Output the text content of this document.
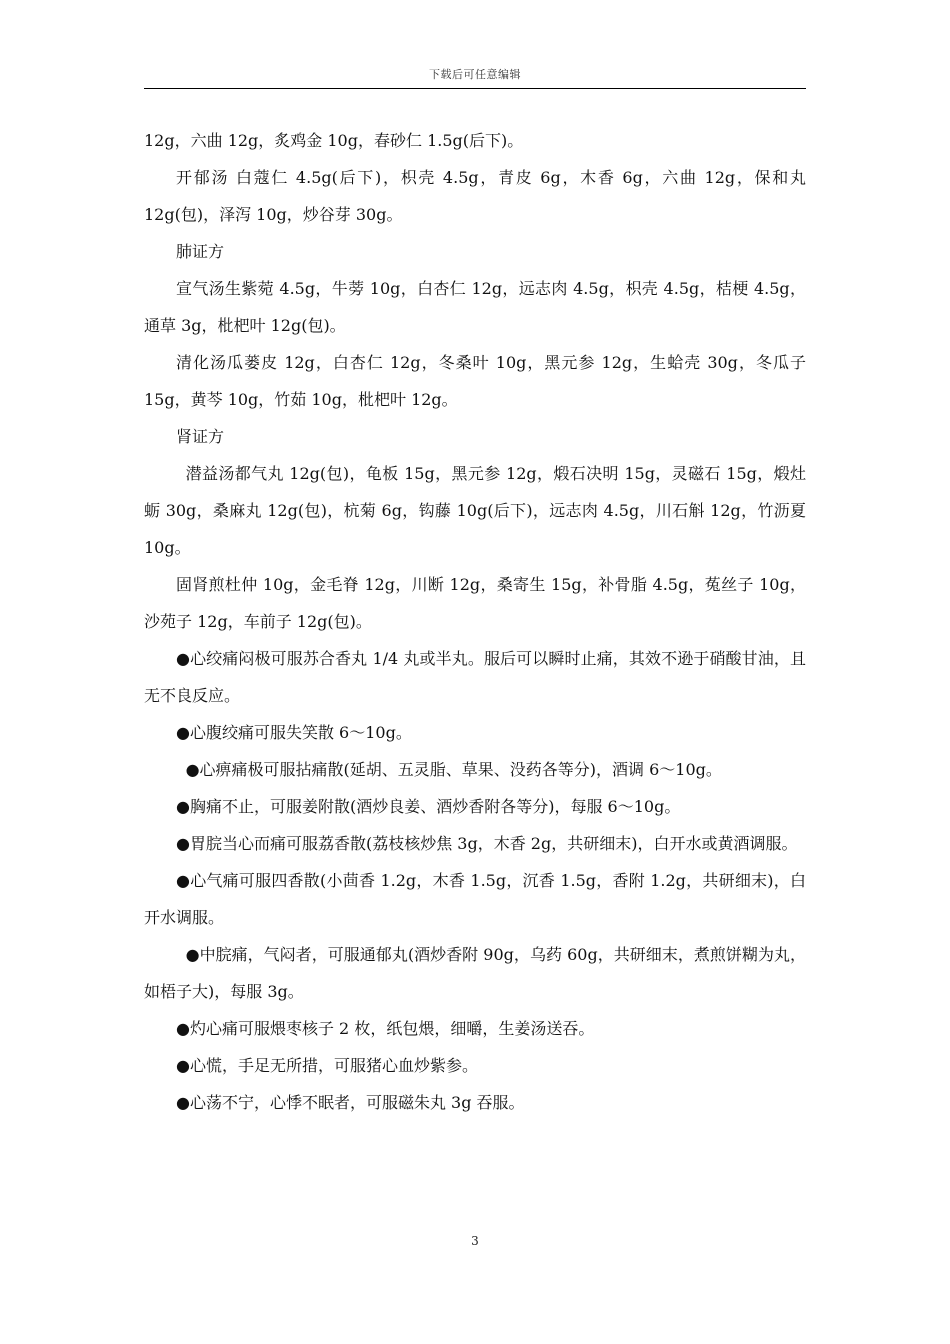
下载后可任意编辑

12g，六曲 12g，炙鸡金 10g，春砂仁 1.5g(后下)。

开郁汤 白蔻仁 4.5g(后下)，枳壳 4.5g，青皮 6g，木香 6g，六曲 12g，保和丸 12g(包)，泽泻 10g，炒谷芽 30g。

肺证方

宣气汤生紫菀 4.5g，牛蒡 10g，白杏仁 12g，远志肉 4.5g，枳壳 4.5g，桔梗 4.5g，通草 3g，枇杷叶 12g(包)。

清化汤瓜蒌皮 12g，白杏仁 12g，冬桑叶 10g，黑元参 12g，生蛤壳 30g，冬瓜子 15g，黄芩 10g，竹茹 10g，枇杷叶 12g。

肾证方

潜益汤都气丸 12g(包)，龟板 15g，黑元参 12g，煅石决明 15g，灵磁石 15g，煅灶蛎 30g，桑麻丸 12g(包)，杭菊 6g，钩藤 10g(后下)，远志肉 4.5g，川石斛 12g，竹沥夏 10g。

固肾煎杜仲 10g，金毛脊 12g，川断 12g，桑寄生 15g，补骨脂 4.5g，菟丝子 10g，沙苑子 12g，车前子 12g(包)。

●心绞痛闷极可服苏合香丸 1/4 丸或半丸。服后可以瞬时止痛，其效不逊于硝酸甘油，且无不良反应。

●心腹绞痛可服失笑散 6～10g。

●心痹痛极可服拈痛散(延胡、五灵脂、草果、没药各等分)，酒调 6～10g。

●胸痛不止，可服姜附散(酒炒良姜、酒炒香附各等分)，每服 6～10g。

●胃脘当心而痛可服荔香散(荔枝核炒焦 3g，木香 2g，共研细末)，白开水或黄酒调服。

●心气痛可服四香散(小茴香 1.2g，木香 1.5g，沉香 1.5g，香附 1.2g，共研细末)，白开水调服。

●中脘痛，气闷者，可服通郁丸(酒炒香附 90g，乌药 60g，共研细末，煮煎饼糊为丸，如梧子大)，每服 3g。

●灼心痛可服煨枣核子 2 枚，纸包煨，细嚼，生姜汤送吞。

●心慌，手足无所措，可服猪心血炒紫参。

●心荡不宁，心悸不眠者，可服磁朱丸 3g 吞服。

3
